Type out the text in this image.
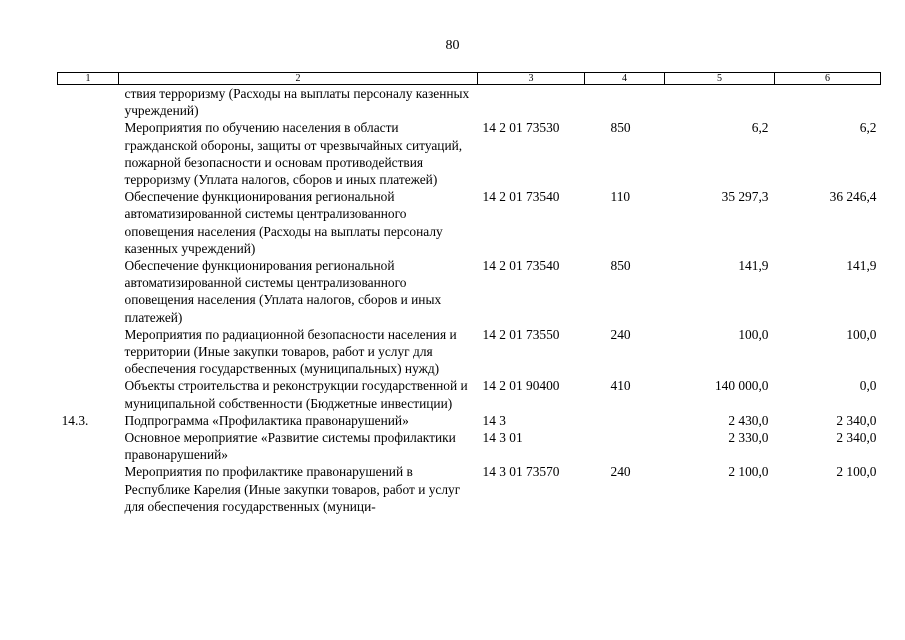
80
1	2	3	4	5	6
	ствия терроризму (Расходы на выплаты персоналу казенных учреждений)				
	Мероприятия по обучению населения в области гражданской обороны, защиты от чрезвычайных ситуаций, пожарной безопасности и основам противодействия терроризму (Уплата налогов, сборов и иных платежей)	14 2 01 73530	850	6,2	6,2
	Обеспечение функционирования региональной автоматизированной системы централизованного оповещения населения (Расходы на выплаты персоналу казенных учреждений)	14 2 01 73540	110	35 297,3	36 246,4
	Обеспечение функционирования региональной автоматизированной системы централизованного оповещения населения (Уплата налогов, сборов и иных платежей)	14 2 01 73540	850	141,9	141,9
	Мероприятия по радиационной безопасности населения и территории (Иные закупки товаров, работ и услуг для обеспечения государственных (муниципальных) нужд)	14 2 01 73550	240	100,0	100,0
	Объекты строительства и реконструкции государственной и муниципальной собственности (Бюджетные инвестиции)	14 2 01 90400	410	140 000,0	0,0
14.3.	Подпрограмма «Профилактика правонарушений»	14 3		2 430,0	2 340,0
	Основное мероприятие «Развитие системы профилактики правонарушений»	14 3 01		2 330,0	2 340,0
	Мероприятия по профилактике правонарушений в Республике Карелия (Иные закупки товаров, работ и услуг для обеспечения государственных (муници-	14 3 01 73570	240	2 100,0	2 100,0
